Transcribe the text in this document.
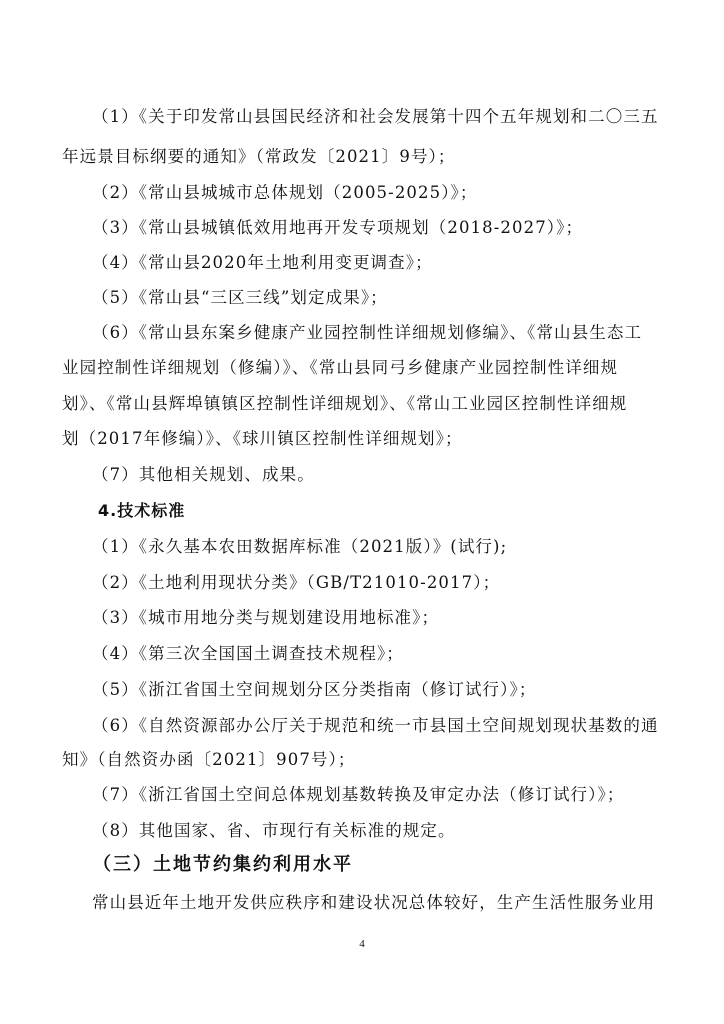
（1）《关于印发常山县国民经济和社会发展第十四个五年规划和二〇三五
年远景目标纲要的通知》（常政发〔2021〕9号）；
（2）《常山县城城市总体规划（2005-2025）》；
（3）《常山县城镇低效用地再开发专项规划（2018-2027）》；
（4）《常山县2020年土地利用变更调查》；
（5）《常山县“三区三线”划定成果》；
（6）《常山县东案乡健康产业园控制性详细规划修编》、《常山县生态工
业园控制性详细规划（修编）》、《常山县同弓乡健康产业园控制性详细规
划》、《常山县辉埠镇镇区控制性详细规划》、《常山工业园区控制性详细规
划（2017年修编）》、《球川镇区控制性详细规划》；
（7）其他相关规划、成果。
4.技术标准
（1）《永久基本农田数据库标准（2021版）》(试行);
（2）《土地利用现状分类》（GB/T21010-2017）；
（3）《城市用地分类与规划建设用地标准》；
（4）《第三次全国国土调查技术规程》；
（5）《浙江省国土空间规划分区分类指南（修订试行）》；
（6）《自然资源部办公厅关于规范和统一市县国土空间规划现状基数的通
知》（自然资办函〔2021〕907号）；
（7）《浙江省国土空间总体规划基数转换及审定办法（修订试行）》；
（8）其他国家、省、市现行有关标准的规定。
（三）土地节约集约利用水平
常山县近年土地开发供应秩序和建设状况总体较好，生产生活性服务业用
4
